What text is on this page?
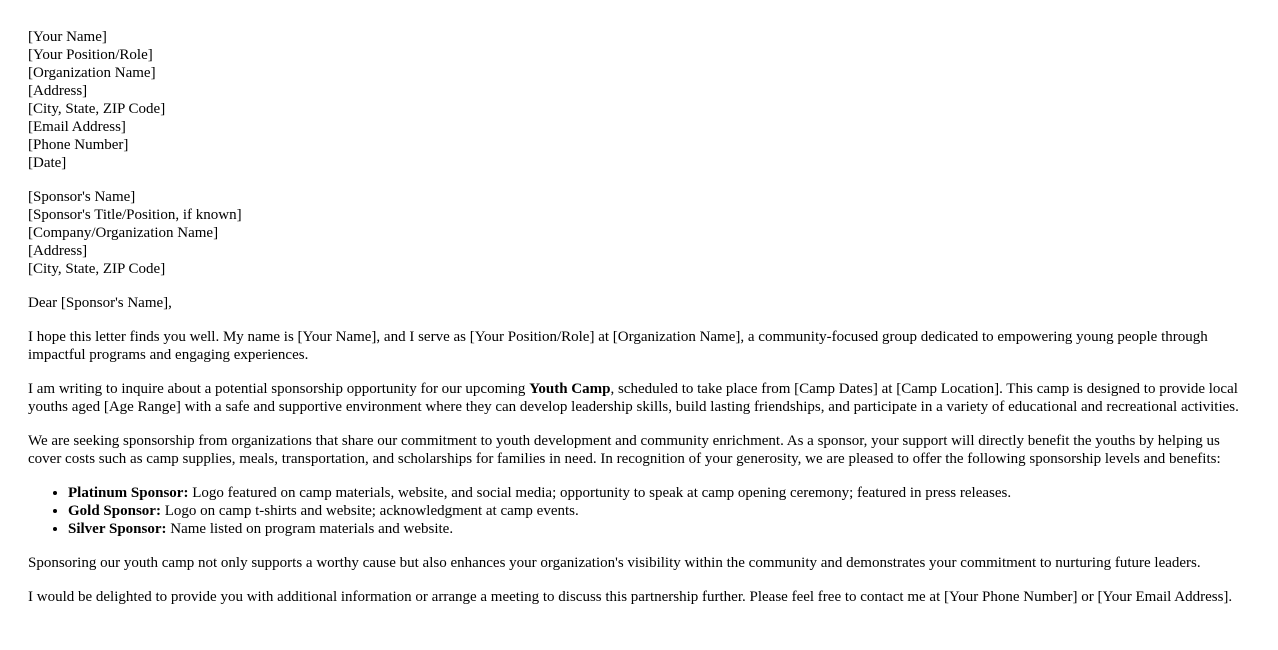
[Your Name]
[Your Position/Role]
[Organization Name]
[Address]
[City, State, ZIP Code]
[Email Address]
[Phone Number]
[Date]
[Sponsor's Name]
[Sponsor's Title/Position, if known]
[Company/Organization Name]
[Address]
[City, State, ZIP Code]

Dear [Sponsor's Name],

I hope this letter finds you well. My name is [Your Name], and I serve as [Your Position/Role] at [Organization Name], a community-focused group dedicated to empowering young people through impactful programs and engaging experiences.

I am writing to inquire about a potential sponsorship opportunity for our upcoming Youth Camp, scheduled to take place from [Camp Dates] at [Camp Location]. This camp is designed to provide local youths aged [Age Range] with a safe and supportive environment where they can develop leadership skills, build lasting friendships, and participate in a variety of educational and recreational activities.

We are seeking sponsorship from organizations that share our commitment to youth development and community enrichment. As a sponsor, your support will directly benefit the youths by helping us cover costs such as camp supplies, meals, transportation, and scholarships for families in need. In recognition of your generosity, we are pleased to offer the following sponsorship levels and benefits:

• Platinum Sponsor: Logo featured on camp materials, website, and social media; opportunity to speak at camp opening ceremony; featured in press releases.
• Gold Sponsor: Logo on camp t-shirts and website; acknowledgment at camp events.
• Silver Sponsor: Name listed on program materials and website.

Sponsoring our youth camp not only supports a worthy cause but also enhances your organization's visibility within the community and demonstrates your commitment to nurturing future leaders.

I would be delighted to provide you with additional information or arrange a meeting to discuss this partnership further. Please feel free to contact me at [Your Phone Number] or [Your Email Address].
